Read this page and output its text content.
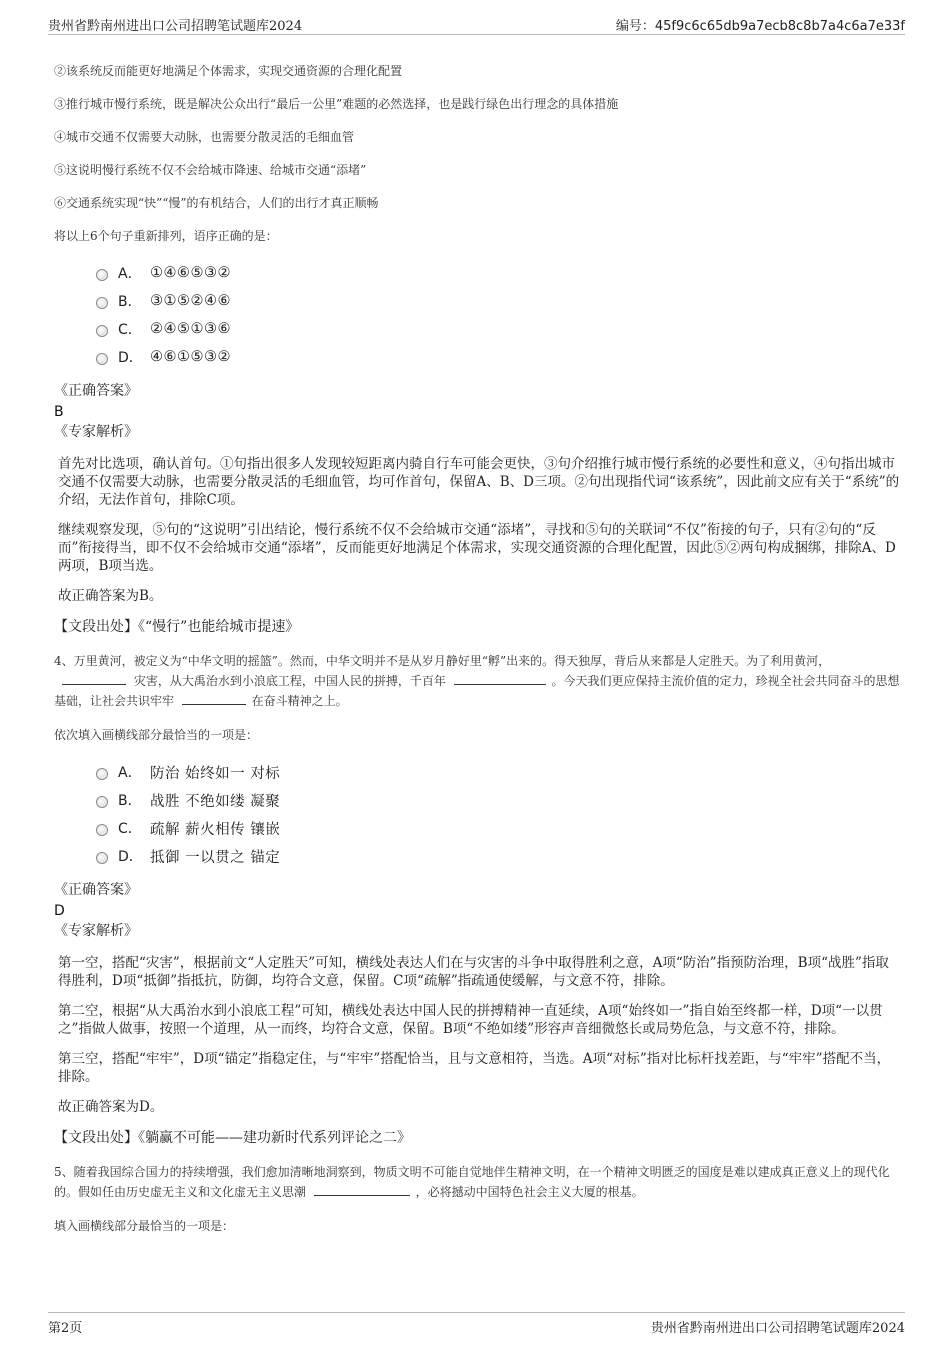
贵州省黔南州进出口公司招聘笔试题库2024	编号：45f9c6c65db9a7ecb8c8b7a4c6a7e33f
②该系统反而能更好地满足个体需求，实现交通资源的合理化配置
③推行城市慢行系统，既是解决公众出行“最后一公里”难题的必然选择，也是践行绿色出行理念的具体措施
④城市交通不仅需要大动脉，也需要分散灵活的毛细血管
⑤这说明慢行系统不仅不会给城市降速、给城市交通“添堵”
⑥交通系统实现“快”“慢”的有机结合，人们的出行才真正顺畅
将以上6个句子重新排列，语序正确的是：
A． ①④⑥⑤③②
B． ③①⑤②④⑥
C． ②④⑤①③⑥
D． ④⑥①⑤③②
《正确答案》
B
《专家解析》

首先对比选项，确认首句。①句指出很多人发现较短距离内骑自行车可能会更快，③句介绍推行城市慢行系统的必要性和意义，④句指出城市交通不仅需要大动脉，也需要分散灵活的毛细血管，均可作首句，保留A、B、D三项。②句出现指代词“该系统”，因此前文应有关于“系统”的介绍，无法作首句，排除C项。

继续观察发现，⑤句的“这说明”引出结论，慢行系统不仅不会给城市交通“添堵”，寻找和⑤句的关联词“不仅”衔接的句子，只有②句的“反而”衔接得当，即不仅不会给城市交通“添堵”，反而能更好地满足个体需求，实现交通资源的合理化配置，因此⑤②两句构成捆绑，排除A、D两项，B项当选。

故正确答案为B。

【文段出处】《“慢行”也能给城市提速》
4、万里黄河，被定义为“中华文明的摇篮”。然而，中华文明并不是从岁月静好里“孵”出来的。得天独厚，背后从来都是人定胜天。为了利用黄河，  灾害，从大禹治水到小浪底工程，中国人民的拼搏，千百年	。今天我们更应保持主流价值的定力，珍视全社会共同奋斗的思想基础，让社会共识牢牢	在奋斗精神之上。
依次填入画横线部分最恰当的一项是：
A． 防治 始终如一 对标
B． 战胜 不绝如缕 凝聚
C． 疏解 薪火相传 镶嵌
D． 抵御 一以贯之 锚定
《正确答案》
D
《专家解析》

第一空，搭配“灾害”，根据前文“人定胜天”可知，横线处表达人们在与灾害的斗争中取得胜利之意，A项“防治”指预防治理，B项“战胜”指取得胜利，D项“抵御”指抵抗，防御，均符合文意，保留。C项“疏解”指疏通使缓解，与文意不符，排除。

第二空，根据“从大禹治水到小浪底工程”可知，横线处表达中国人民的拼搏精神一直延续，A项“始终如一”指自始至终都一样，D项“一以贯之”指做人做事，按照一个道理，从一而终，均符合文意，保留。B项“不绝如缕”形容声音细微悠长或局势危急，与文意不符，排除。

第三空，搭配“牢牢”，D项“锚定”指稳定住，与“牢牢”搭配恰当，且与文意相符，当选。A项“对标”指对比标杆找差距，与“牢牢”搭配不当，排除。

故正确答案为D。

【文段出处】《躺赢不可能——建功新时代系列评论之二》
5、随着我国综合国力的持续增强，我们愈加清晰地洞察到，物质文明不可能自觉地伴生精神文明，在一个精神文明匮乏的国度是难以建成真正意义上的现代化的。假如任由历史虚无主义和文化虚无主义思潮	，必将撼动中国特色社会主义大厦的根基。
填入画横线部分最恰当的一项是：
第2页	贵州省黔南州进出口公司招聘笔试题库2024
